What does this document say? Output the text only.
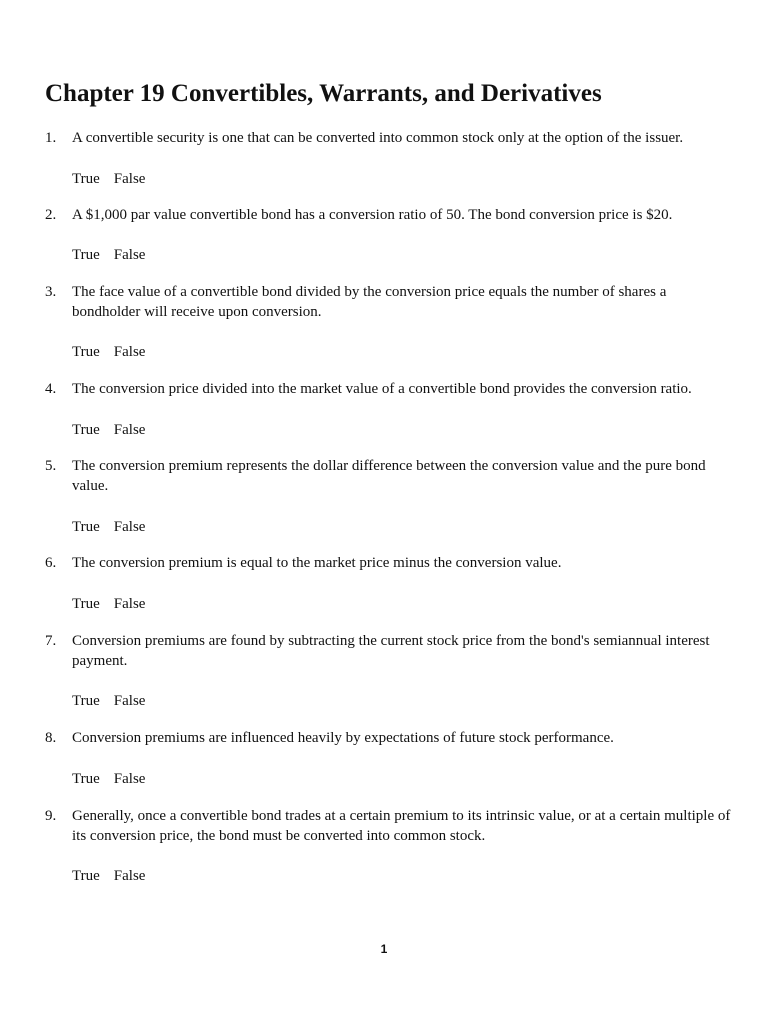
Chapter 19 Convertibles, Warrants, and Derivatives
1. A convertible security is one that can be converted into common stock only at the option of the issuer.
True False
2. A $1,000 par value convertible bond has a conversion ratio of 50. The bond conversion price is $20.
True False
3. The face value of a convertible bond divided by the conversion price equals the number of shares a bondholder will receive upon conversion.
True False
4. The conversion price divided into the market value of a convertible bond provides the conversion ratio.
True False
5. The conversion premium represents the dollar difference between the conversion value and the pure bond value.
True False
6. The conversion premium is equal to the market price minus the conversion value.
True False
7. Conversion premiums are found by subtracting the current stock price from the bond's semiannual interest payment.
True False
8. Conversion premiums are influenced heavily by expectations of future stock performance.
True False
9. Generally, once a convertible bond trades at a certain premium to its intrinsic value, or at a certain multiple of its conversion price, the bond must be converted into common stock.
True False
1
